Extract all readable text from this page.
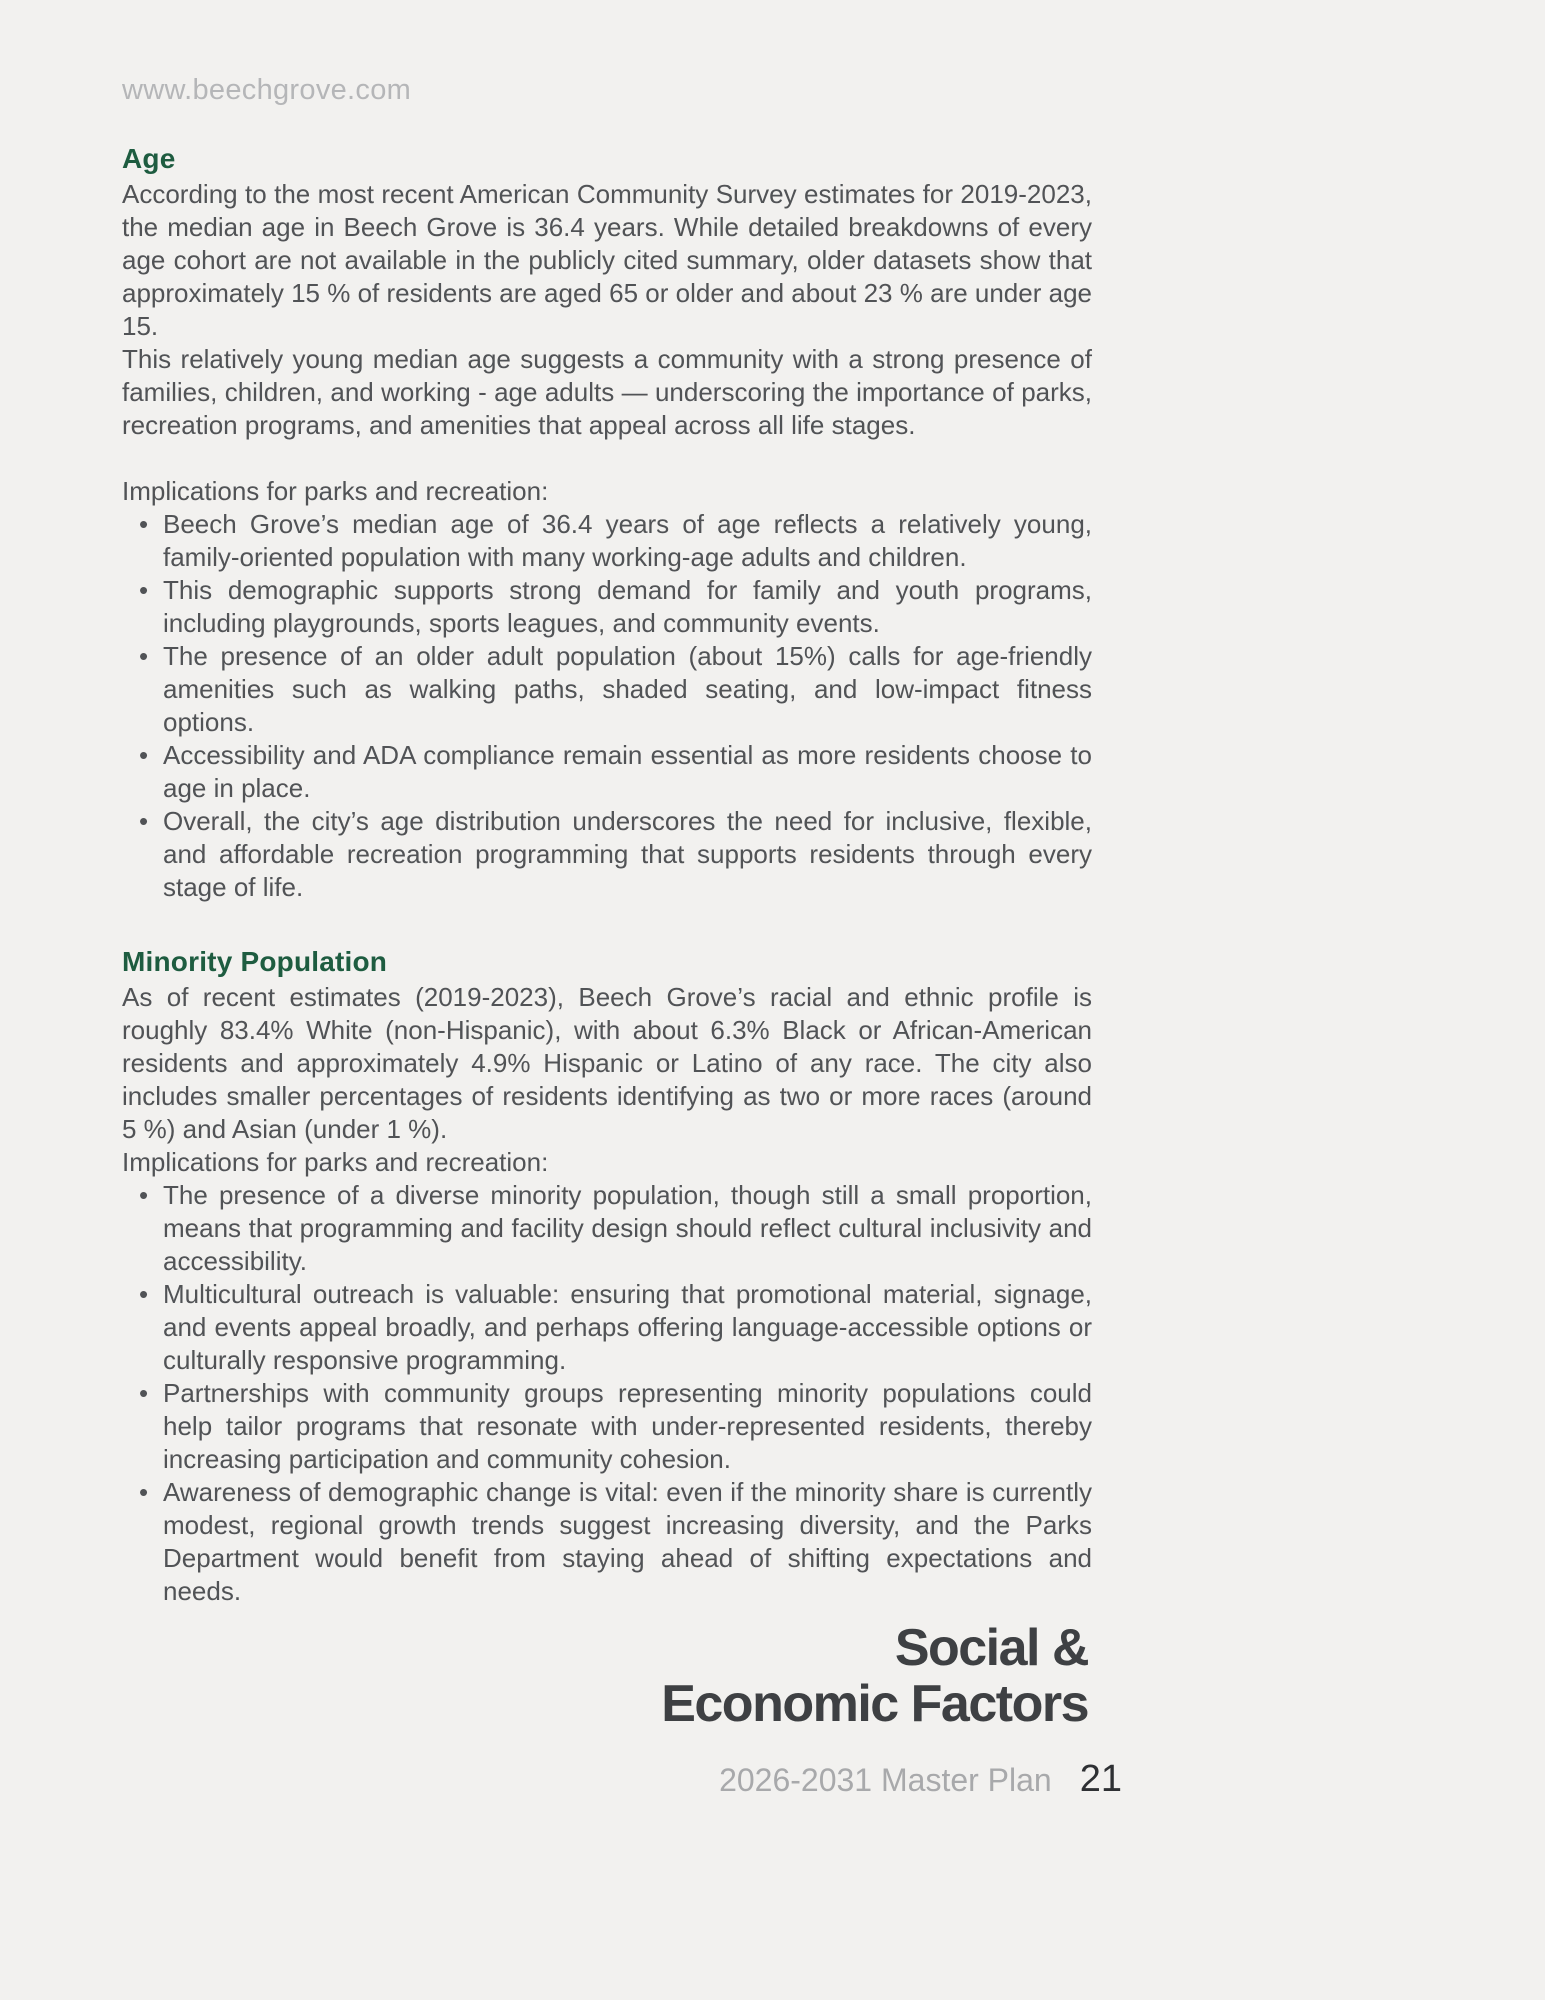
www.beechgrove.com
Age

According to the most recent American Community Survey estimates for 2019-2023, the median age in Beech Grove is 36.4 years. While detailed breakdowns of every age cohort are not available in the publicly cited summary, older datasets show that approximately 15 % of residents are aged 65 or older and about 23 % are under age 15.

This relatively young median age suggests a community with a strong presence of families, children, and working - age adults — underscoring the importance of parks, recreation programs, and amenities that appeal across all life stages.

Implications for parks and recreation:

• Beech Grove’s median age of 36.4 years of age reflects a relatively young, family-oriented population with many working-age adults and children.
• This demographic supports strong demand for family and youth programs, including playgrounds, sports leagues, and community events.
• The presence of an older adult population (about 15%) calls for age-friendly amenities such as walking paths, shaded seating, and low-impact fitness options.
• Accessibility and ADA compliance remain essential as more residents choose to age in place.
• Overall, the city’s age distribution underscores the need for inclusive, flexible, and affordable recreation programming that supports residents through every stage of life.
Minority Population

As of recent estimates (2019-2023), Beech Grove’s racial and ethnic profile is roughly 83.4% White (non-Hispanic), with about 6.3% Black or African-American residents and approximately 4.9% Hispanic or Latino of any race. The city also includes smaller percentages of residents identifying as two or more races (around 5 %) and Asian (under 1 %).

Implications for parks and recreation:

• The presence of a diverse minority population, though still a small proportion, means that programming and facility design should reflect cultural inclusivity and accessibility.
• Multicultural outreach is valuable: ensuring that promotional material, signage, and events appeal broadly, and perhaps offering language-accessible options or culturally responsive programming.
• Partnerships with community groups representing minority populations could help tailor programs that resonate with under-represented residents, thereby increasing participation and community cohesion.
• Awareness of demographic change is vital: even if the minority share is currently modest, regional growth trends suggest increasing diversity, and the Parks Department would benefit from staying ahead of shifting expectations and needs.
Social &
Economic Factors
2026-2031 Master Plan 21
